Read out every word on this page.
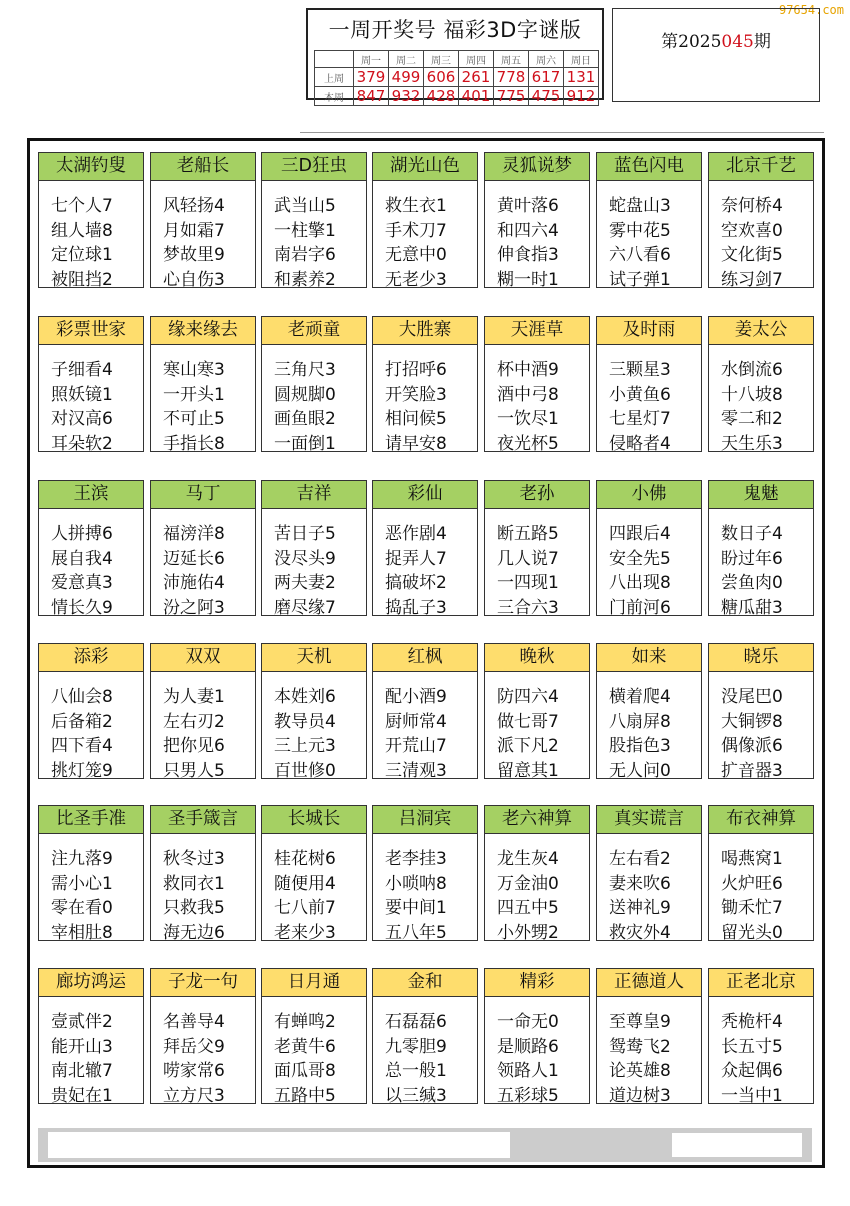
97654.com
一周开奖号 福彩3D字谜版
	周一	周二	周三	周四	周五	周六	周日
上周	379	499	606	261	778	617	131
本周	847	932	428	401	775	475	912
第2025045期
太湖钓叟
七个人7
组人墙8
定位球1
被阻挡2
老船长
风轻扬4
月如霜7
梦故里9
心自伤3
三D狂虫
武当山5
一柱擎1
南岩字6
和素养2
湖光山色
救生衣1
手术刀7
无意中0
无老少3
灵狐说梦
黄叶落6
和四六4
伸食指3
糊一时1
蓝色闪电
蛇盘山3
雾中花5
六八看6
试子弹1
北京千艺
奈何桥4
空欢喜0
文化街5
练习剑7
彩票世家
子细看4
照妖镜1
对汉高6
耳朵软2
缘来缘去
寒山寒3
一开头1
不可止5
手指长8
老顽童
三角尺3
圆规脚0
画鱼眼2
一面倒1
大胜寨
打招呼6
开笑脸3
相问候5
请早安8
天涯草
杯中酒9
酒中弓8
一饮尽1
夜光杯5
及时雨
三颗星3
小黄鱼6
七星灯7
侵略者4
姜太公
水倒流6
十八坡8
零二和2
天生乐3
王滨
人拼搏6
展自我4
爱意真3
情长久9
马丁
福滂洋8
迈延长6
沛施佑4
汾之阿3
吉祥
苦日子5
没尽头9
两夫妻2
磨尽缘7
彩仙
恶作剧4
捉弄人7
搞破坏2
捣乱子3
老孙
断五路5
几人说7
一四现1
三合六3
小佛
四跟后4
安全先5
八出现8
门前河6
鬼魅
数日子4
盼过年6
尝鱼肉0
糖瓜甜3
添彩
八仙会8
后备箱2
四下看4
挑灯笼9
双双
为人妻1
左右刃2
把你见6
只男人5
天机
本姓刘6
教导员4
三上元3
百世修0
红枫
配小酒9
厨师常4
开荒山7
三清观3
晚秋
防四六4
做七哥7
派下凡2
留意其1
如来
横着爬4
八扇屏8
股指色3
无人问0
晓乐
没尾巴0
大铜锣8
偶像派6
扩音器3
比圣手准
注九落9
需小心1
零在看0
宰相肚8
圣手箴言
秋冬过3
救同衣1
只救我5
海无边6
长城长
桂花树6
随便用4
七八前7
老来少3
吕洞宾
老李挂3
小唢呐8
要中间1
五八年5
老六神算
龙生灰4
万金油0
四五中5
小外甥2
真实谎言
左右看2
妻来吹6
送神礼9
救灾外4
布衣神算
喝燕窝1
火炉旺6
锄禾忙7
留光头0
廊坊鸿运
壹贰伴2
能开山3
南北辙7
贵妃在1
子龙一句
名善导4
拜岳父9
唠家常6
立方尺3
日月通
有蝉鸣2
老黄牛6
面瓜哥8
五路中5
金和
石磊磊6
九零胆9
总一般1
以三缄3
精彩
一命无0
是顺路6
领路人1
五彩球5
正德道人
至尊皇9
鸳鸯飞2
论英雄8
道边树3
正老北京
秃桅杆4
长五寸5
众起偶6
一当中1
